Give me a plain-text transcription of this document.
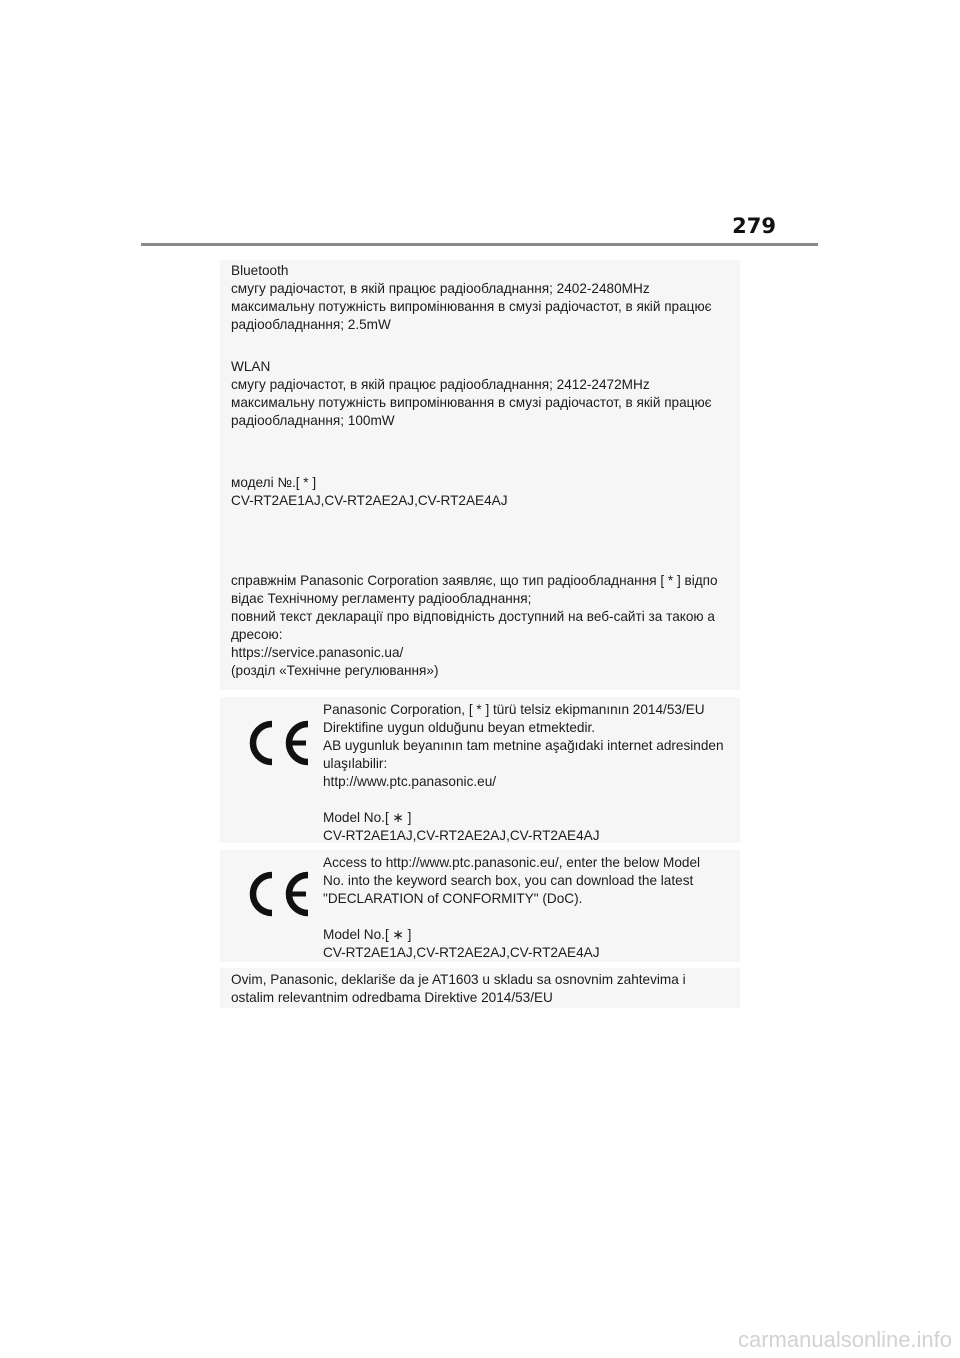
279
Bluetooth
смугу радіочастот, в якій працює радіообладнання; 2402-2480MHz
максимальну потужність випромінювання в смузі радіочастот, в якій працює
радіообладнання; 2.5mW
WLAN
смугу радіочастот, в якій працює радіообладнання; 2412-2472MHz
максимальну потужність випромінювання в смузі радіочастот, в якій працює
радіообладнання; 100mW
моделі №.[ * ]
CV-RT2AE1AJ,CV-RT2AE2AJ,CV-RT2AE4AJ
справжнім Panasonic Corporation заявляє, що тип радіообладнання [ * ] відпо
відає Технічному регламенту радіообладнання;
повний текст декларації про відповідність доступний на веб-сайті за такою а
дресою:
https://service.panasonic.ua/
(розділ «Технічне регулювання»)
Panasonic Corporation, [ * ] türü telsiz ekipmanının 2014/53/EU
Direktifine uygun olduğunu beyan etmektedir.
AB uygunluk beyanının tam metnine aşağıdaki internet adresinden
ulaşılabilir:
http://www.ptc.panasonic.eu/
Model No.[ ∗ ]
CV-RT2AE1AJ,CV-RT2AE2AJ,CV-RT2AE4AJ
Access to http://www.ptc.panasonic.eu/, enter the below Model
No. into the keyword search box, you can download the latest
"DECLARATION of CONFORMITY" (DoC).
Model No.[ ∗ ]
CV-RT2AE1AJ,CV-RT2AE2AJ,CV-RT2AE4AJ
Ovim, Panasonic, deklariše da je AT1603 u skladu sa osnovnim zahtevima i
ostalim relevantnim odredbama Direktive 2014/53/EU
carmanualsonline.info
